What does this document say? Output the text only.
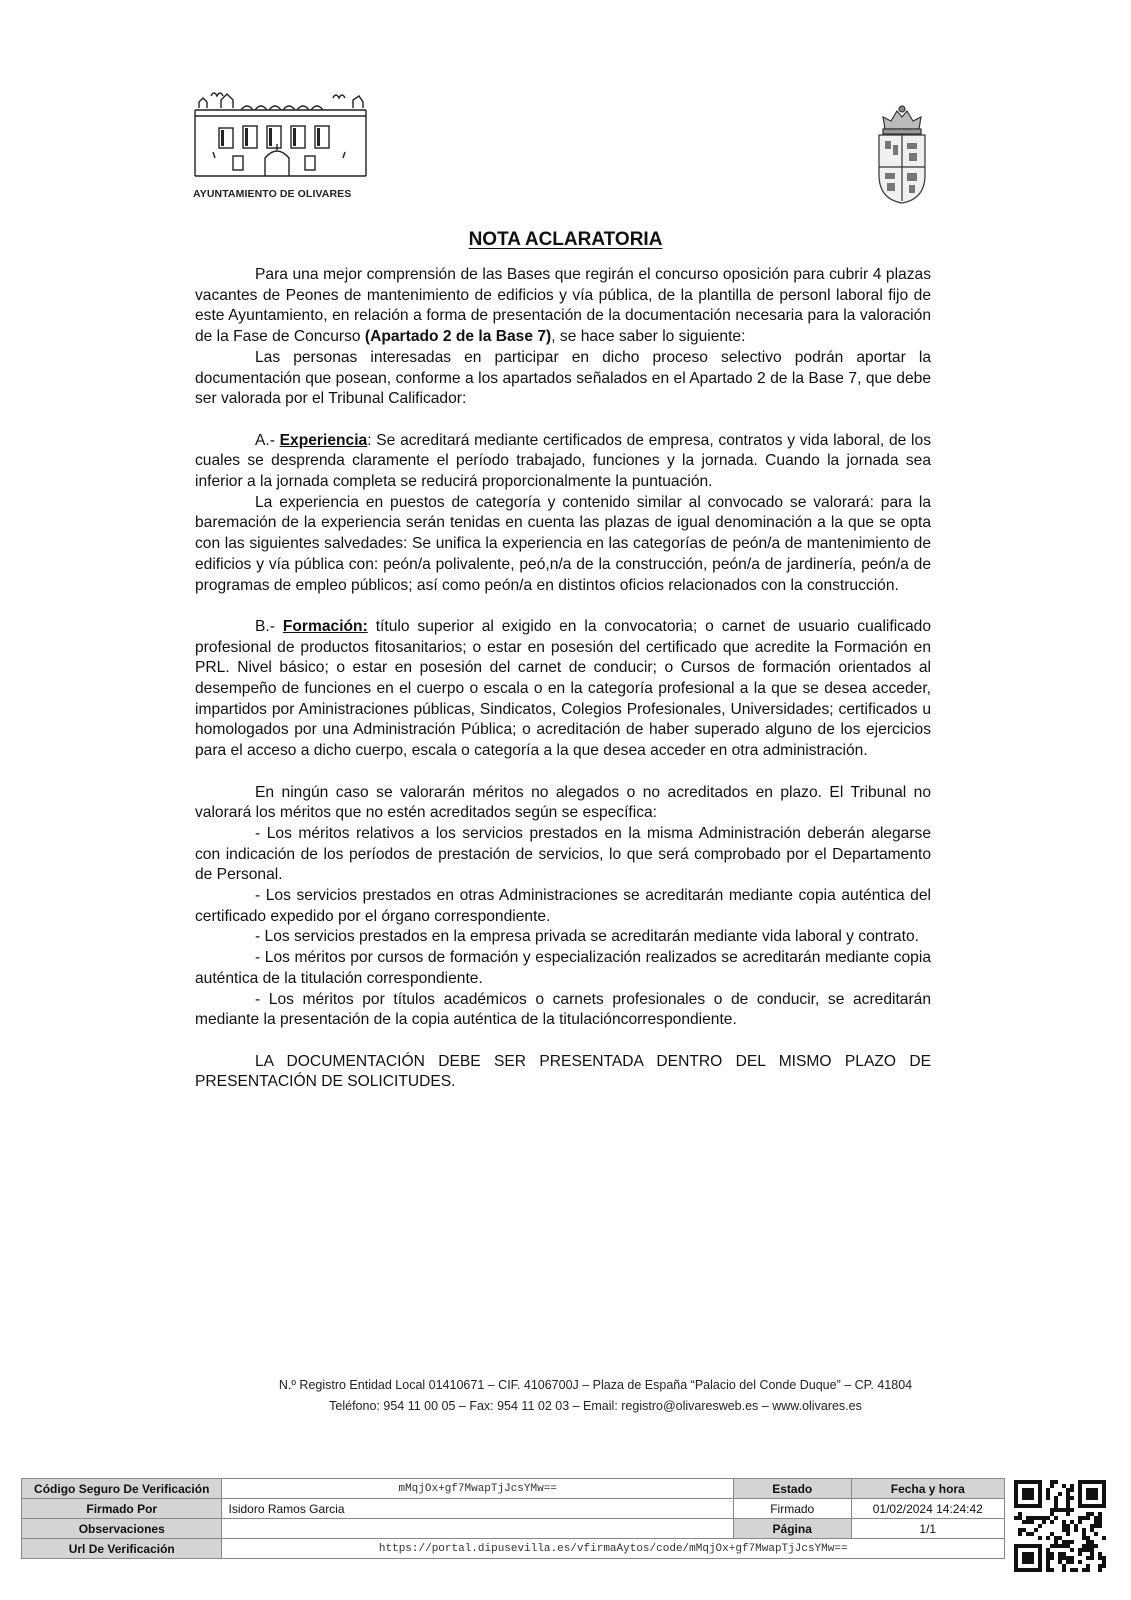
AYUNTAMIENTO DE OLIVARES
NOTA ACLARATORIA

Para una mejor comprensión de las Bases que regirán el concurso oposición para cubrir 4 plazas vacantes de Peones de mantenimiento de edificios y vía pública, de la plantilla de personl laboral fijo de este Ayuntamiento, en relación a forma de presentación de la documentación necesaria para la valoración de la Fase de Concurso (Apartado 2 de la Base 7), se hace saber lo siguiente:

Las personas interesadas en participar en dicho proceso selectivo podrán aportar la documentación que posean, conforme a los apartados señalados en el Apartado 2 de la Base 7, que debe ser valorada por el Tribunal Calificador:

A.- Experiencia: Se acreditará mediante certificados de empresa, contratos y vida laboral, de los cuales se desprenda claramente el período trabajado, funciones y la jornada. Cuando la jornada sea inferior a la jornada completa se reducirá proporcionalmente la puntuación.

La experiencia en puestos de categoría y contenido similar al convocado se valorará: para la baremación de la experiencia serán tenidas en cuenta las plazas de igual denominación a la que se opta con las siguientes salvedades: Se unifica la experiencia en las categorías de peón/a de mantenimiento de edificios y vía pública con: peón/a polivalente, peó,n/a de la construcción, peón/a de jardinería, peón/a de programas de empleo públicos; así como peón/a en distintos oficios relacionados con la construcción.

B.- Formación: título superior al exigido en la convocatoria; o carnet de usuario cualificado profesional de productos fitosanitarios; o estar en posesión del certificado que acredite la Formación en PRL. Nivel básico; o estar en posesión del carnet de conducir; o Cursos de formación orientados al desempeño de funciones en el cuerpo o escala o en la categoría profesional a la que se desea acceder, impartidos por Aministraciones públicas, Sindicatos, Colegios Profesionales, Universidades; certificados u homologados por una Administración Pública; o acreditación de haber superado alguno de los ejercicios para el acceso a dicho cuerpo, escala o categoría a la que desea acceder en otra administración.

En ningún caso se valorarán méritos no alegados o no acreditados en plazo. El Tribunal no valorará los méritos que no estén acreditados según se específica:

- Los méritos relativos a los servicios prestados en la misma Administración deberán alegarse con indicación de los períodos de prestación de servicios, lo que será comprobado por el Departamento de Personal.

- Los servicios prestados en otras Administraciones se acreditarán mediante copia auténtica del certificado expedido por el órgano correspondiente.

- Los servicios prestados en la empresa privada se acreditarán mediante vida laboral y contrato.

- Los méritos por cursos de formación y especialización realizados se acreditarán mediante copia auténtica de la titulación correspondiente.

- Los méritos por títulos académicos o carnets profesionales o de conducir, se acreditarán mediante la presentación de la copia auténtica de la titulacióncorrespondiente.

LA DOCUMENTACIÓN DEBE SER PRESENTADA DENTRO DEL MISMO PLAZO DE PRESENTACIÓN DE SOLICITUDES.

N.º Registro Entidad Local 01410671 – CIF. 4106700J – Plaza de España “Palacio del Conde Duque” – CP. 41804
Teléfono: 954 11 00 05 – Fax: 954 11 02 03 – Email: registro@olivaresweb.es – www.olivares.es
Código Seguro De Verificación	mMqjOx+gf7MwapTjJcsYMw==	Estado	Fecha y hora
Firmado Por	Isidoro Ramos Garcia	Firmado	01/02/2024 14:24:42
Observaciones		Página	1/1
Url De Verificación	https://portal.dipusevilla.es/vfirmaAytos/code/mMqjOx+gf7MwapTjJcsYMw==		
